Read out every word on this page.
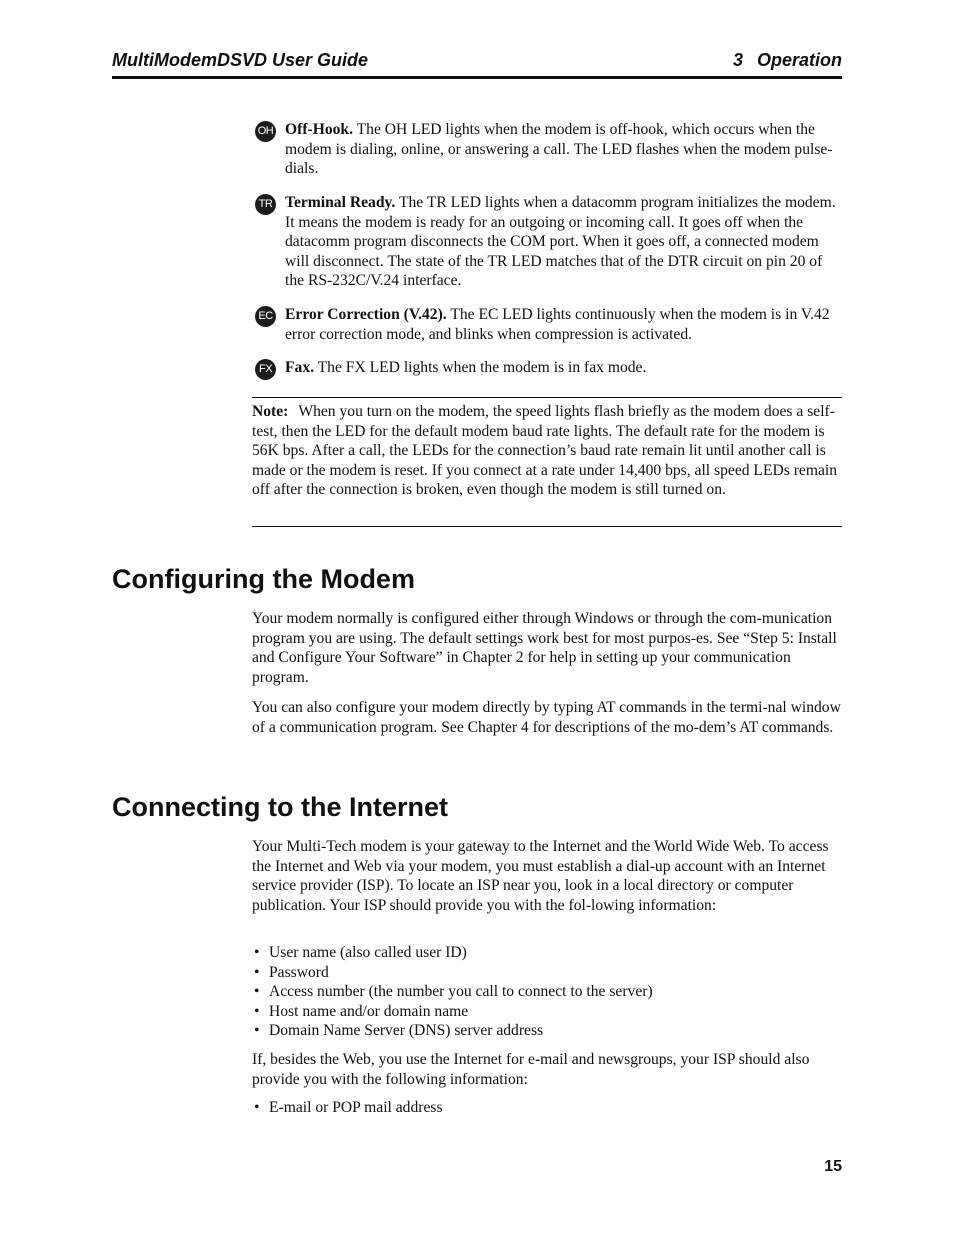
MultiModemDSVD User Guide	3 Operation
OH Off-Hook. The OH LED lights when the modem is off-hook, which occurs when the modem is dialing, online, or answering a call. The LED flashes when the modem pulse-dials.
TR Terminal Ready. The TR LED lights when a datacomm program initializes the modem. It means the modem is ready for an outgoing or incoming call. It goes off when the datacomm program disconnects the COM port. When it goes off, a connected modem will disconnect. The state of the TR LED matches that of the DTR circuit on pin 20 of the RS-232C/V.24 interface.
EC Error Correction (V.42). The EC LED lights continuously when the modem is in V.42 error correction mode, and blinks when compression is activated.
FX Fax. The FX LED lights when the modem is in fax mode.

Note: When you turn on the modem, the speed lights flash briefly as the modem does a self-test, then the LED for the default modem baud rate lights. The default rate for the modem is 56K bps. After a call, the LEDs for the connection’s baud rate remain lit until another call is made or the modem is reset. If you connect at a rate under 14,400 bps, all speed LEDs remain off after the connection is broken, even though the modem is still turned on.

Configuring the Modem

Your modem normally is configured either through Windows or through the com-munication program you are using. The default settings work best for most purpos-es. See “Step 5: Install and Configure Your Software” in Chapter 2 for help in setting up your communication program.

You can also configure your modem directly by typing AT commands in the termi-nal window of a communication program. See Chapter 4 for descriptions of the mo-dem’s AT commands.

Connecting to the Internet

Your Multi-Tech modem is your gateway to the Internet and the World Wide Web. To access the Internet and Web via your modem, you must establish a dial-up account with an Internet service provider (ISP). To locate an ISP near you, look in a local directory or computer publication. Your ISP should provide you with the fol-lowing information:

• User name (also called user ID)
• Password
• Access number (the number you call to connect to the server)
• Host name and/or domain name
• Domain Name Server (DNS) server address

If, besides the Web, you use the Internet for e-mail and newsgroups, your ISP should also provide you with the following information:

• E-mail or POP mail address
15
